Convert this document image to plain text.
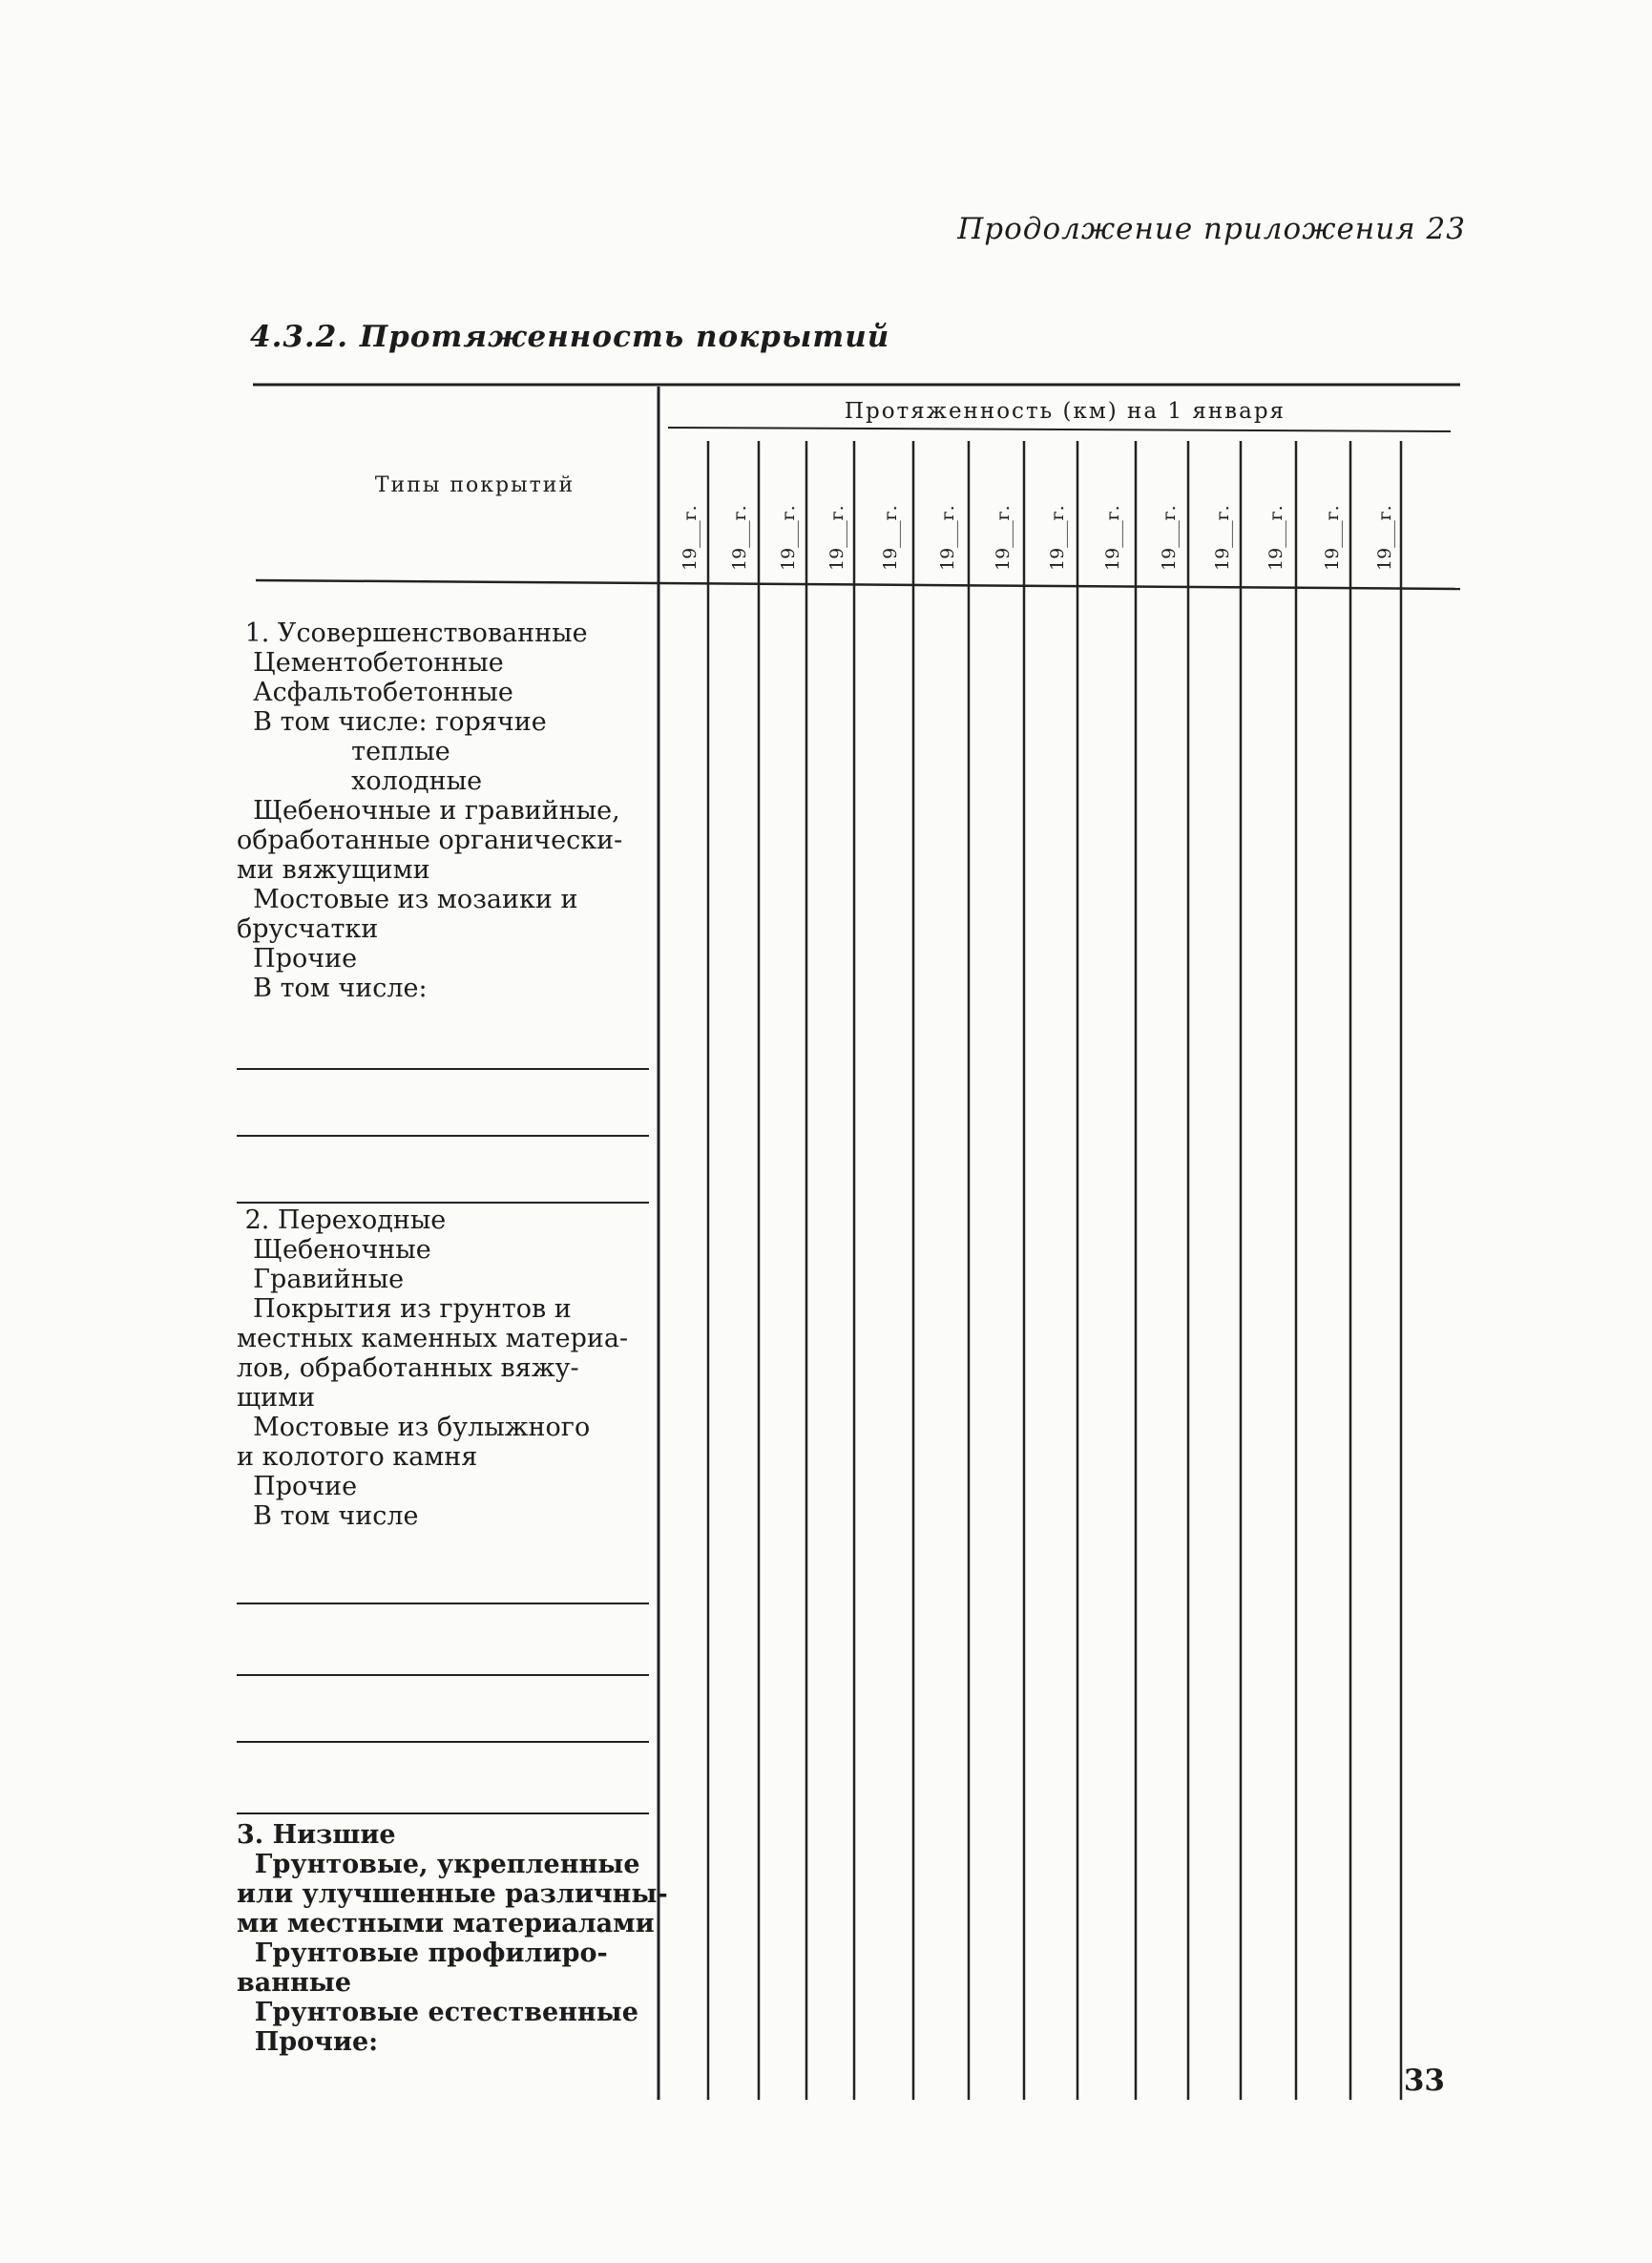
Продолжение приложения 23
4.3.2. Протяженность покрытий
Типы покрытий
Протяженность (км) на 1 января
19___г. 19___г. 19___г. 19___г. 19___г. 19___г. 19___г. 19___г. 19___г. 19___г. 19___г. 19___г. 19___г. 19___г.
1. Усовершенствованные
Цементобетонные
Асфальтобетонные
В том числе: горячие
теплые
холодные
Щебеночные и гравийные,
обработанные органически-
ми вяжущими
Мостовые из мозаики и
брусчатки
Прочие
В том числе:
2. Переходные
Щебеночные
Гравийные
Покрытия из грунтов и
местных каменных материа-
лов, обработанных вяжу-
щими
Мостовые из булыжного
и колотого камня
Прочие
В том числе
3. Низшие
Грунтовые, укрепленные
или улучшенные различны-
ми местными материалами
Грунтовые профилиро-
ванные
Грунтовые естественные
Прочие:
33
